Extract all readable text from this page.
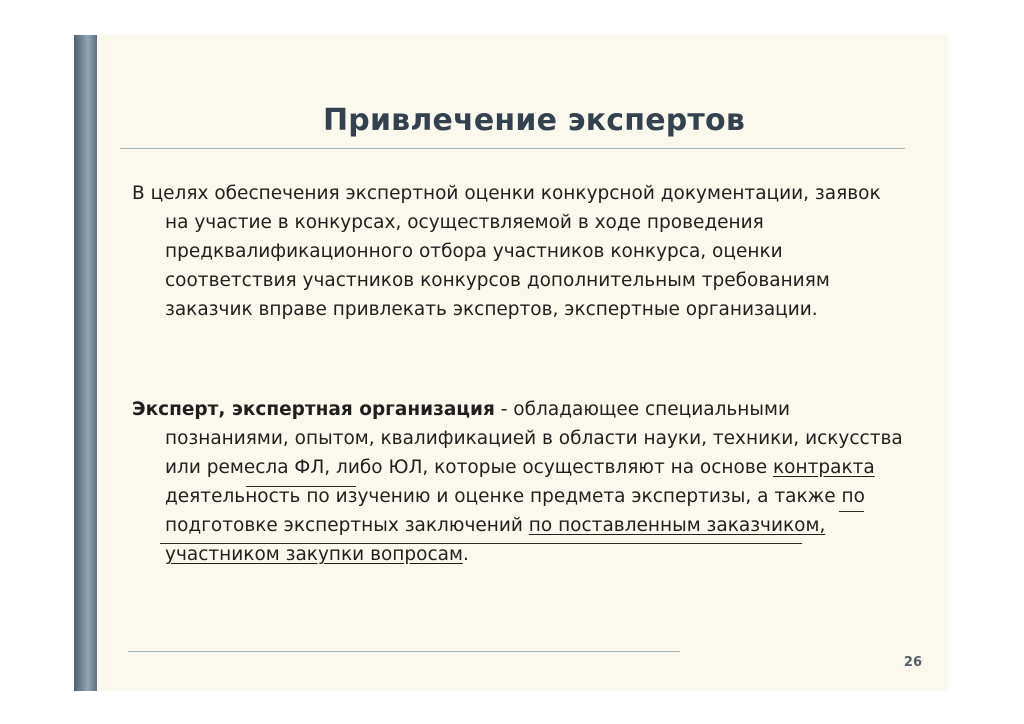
Привлечение экспертов

В целях обеспечения экспертной оценки конкурсной документации, заявок на участие в конкурсах, осуществляемой в ходе проведения предквалификационного отбора участников конкурса, оценки соответствия участников конкурсов дополнительным требованиям заказчик вправе привлекать экспертов, экспертные организации.

Эксперт, экспертная организация - обладающее специальными познаниями, опытом, квалификацией в области науки, техники, искусства или ремесла ФЛ, либо ЮЛ, которые осуществляют на основе контракта деятельность по изучению и оценке предмета экспертизы, а также по подготовке экспертных заключений по поставленным заказчиком, участником закупки вопросам.

26
